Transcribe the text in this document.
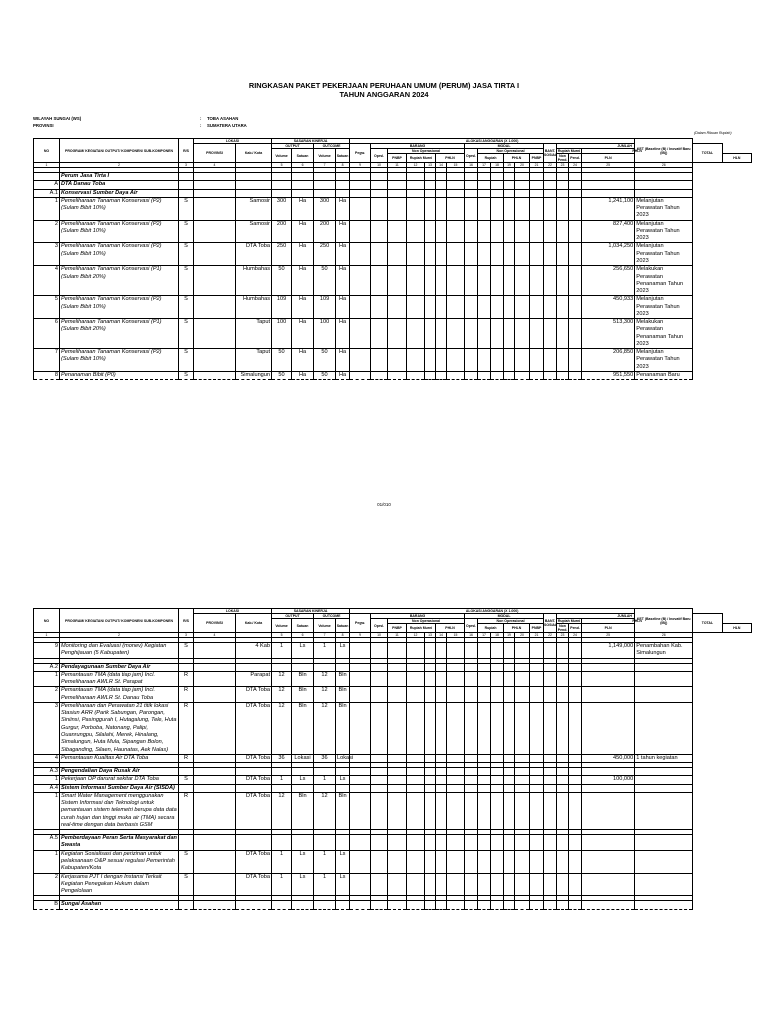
RINGKASAN PAKET PEKERJAAN PERUHAAN UMUM (PERUM) JASA TIRTA I
TAHUN ANGGARAN 2024
WILAYAH SUNGAI (WS)	: TOBA ASAHAN
PROVINSI	: SUMATERA UTARA
(Dalam Ribuan Rupiah)
01/010
NO	PROGRAM/ KEGIATAN/ OUTPUT/ KOMPONEN/ SUB-KOMPONEN	R/S	LOKASI		SASARAN KINERJA				ALOKASI ANGGARAN (X 1.000)																	KET (Baseline (B) / Inovatif Baru (IB))		
			PROVINSI	Kab./ Kota	OUTPUT		OUTCOME		Pegw.	BARANG						MODAL						BANT. SOSIAL	JUMLAH				TOTAL	
					Volume	Satuan	Volume	Satuan		Oprsl.	Non Operasional					Oprsl.	Non Operasional						Rupiah Murni		PHLN			
											PNBP	Rupiah Murni		PHLN			Rupiah		PHLN		PNBP		Non Pend.	Pend.	PLN			HLN
1	2	3	4		5	6	7	8	9	10	11	12	13	14	15	16	17	18	19	20	21	22	23	24	25	26		

	Perum Jasa Tirta I																											
A	DTA Danau Toba																											
A.1	Konservasi Sumber Daya Air																											
1	Pemeliharaan Tanaman Konservasi (P2) (Sulam Bibit 10%)	S		Samosir	300	Ha	300	Ha																	1,241,100	Melanjutan Perawatan Tahun 2023		
2	Pemeliharaan Tanaman Konservasi (P2) (Sulam Bibit 10%)	S		Samosir	200	Ha	200	Ha																	827,400	Melanjutan Perawatan Tahun 2023		
3	Pemeliharaan Tanaman Konservasi (P2) (Sulam Bibit 10%)	S		DTA Toba	250	Ha	250	Ha																	1,034,250	Melanjutan Perawatan Tahun 2023		
4	Pemeliharaan Tanaman Konservasi (P1) (Sulam Bibit 20%)	S		Humbahas	50	Ha	50	Ha																	256,650	Melakukan Perawatan Penanaman Tahun 2023		
5	Pemeliharaan Tanaman Konservasi (P2) (Sulam Bibit 10%)	S		Humbahas	109	Ha	109	Ha																	450,933	Melanjutan Perawatan Tahun 2023		
6	Pemeliharaan Tanaman Konservasi (P1) (Sulam Bibit 20%)	S		Taput	100	Ha	100	Ha																	513,300	Melakukan Perawatan Penanaman Tahun 2023		
7	Pemeliharaan Tanaman Konservasi (P2) (Sulam Bibit 10%)	S		Taput	50	Ha	50	Ha																	206,850	Melanjutan Perawatan Tahun 2023		
8	Penanaman Bibit (P0)	S		Simalungun	50	Ha	50	Ha																	951,550	Penanaman Baru		
NO	PROGRAM/ KEGIATAN/ OUTPUT/ KOMPONEN/ SUB-KOMPONEN	R/S	LOKASI		SASARAN KINERJA				ALOKASI ANGGARAN (X 1.000)																	KET (Baseline (B) / Inovatif Baru (IB))		
			PROVINSI	Kab./ Kota	OUTPUT		OUTCOME		Pegw.	BARANG						MODAL						BANT. SOSIAL	JUMLAH				TOTAL	
					Volume	Satuan	Volume	Satuan		Oprsl.	Non Operasional					Oprsl.	Non Operasional						Rupiah Murni		PHLN			
											PNBP	Rupiah Murni		PHLN			Rupiah		PHLN		PNBP		Non Pend.	Pend.	PLN			HLN
1	2	3	4		5	6	7	8	9	10	11	12	13	14	15	16	17	18	19	20	21	22	23	24	25	26		

9	Monitoring dan Evaluasi (monev) Kegiatan Penghijauan (5 Kabupaten)	S		4 Kab	1	Ls	1	Ls																	1,149,000	Penambahan Kab. Simalungun		

A.2	Pendayagunaan Sumber Daya Air																											
1	Pemantauan TMA (data tiap jam) Incl. Pemeliharaan AWLR St. Parapat	R		Parapat	12	Bln	12	Bln																				
2	Pemantauan TMA (data tiap jam) Incl. Pemeliharaan AWLR St. Danau Toba	R		DTA Toba	12	Bln	12	Bln																				
3	Pemeliharaan dan Perawatan 21 titik lokasi Stasiun ARR (Parik Sabungan, Parongan, Siniinsi, Pasinggurah I, Hutagalung, Tele, Huta Gurgur, Porboba, Natonang, Palipi, Ouanrungpu, Silalahi, Merek, Hinalang, Simalungun, Huta Mula, Sipangan Bolon, Sibaganding, Silaen, Haunatas, Aek Nalas)	R		DTA Toba	12	Bln	12	Bln																				
4	Pemantauan Kualitas Air DTA Toba	R		DTA Toba	36	Lokasi	36	Lokasi																	450,000	1 tahun kegiatan		

A.3	Pengendalian Daya Rusak Air																											
1	Pekerjaan OP darurat sekitar DTA Toba	S		DTA Toba	1	Ls	1	Ls																	100,000			
A.4	Sistem Informasi Sumber Daya Air (SISDA)																											
1	Smart Water Management menggunakan Sistem Informasi dan Teknologi untuk pemantauan sistem telemetri berupa data data curah hujan dan tinggi muka air (TMA) secara real-time dengan data berbasis GSM	R		DTA Toba	12	Bln	12	Bln																				

A.5	Pemberdayaan Peran Serta Masyarakat dan Swasta																											
1	Kegiatan Sosialisasi dan perizinan untuk pelaksanaan O&P sesuai regulasi Pemerintah Kabupaten/Kota	S		DTA Toba	1	Ls	1	Ls																				
2	Kerjasama PJT I dengan Instansi Terkait Kegiatan Penegakan Hukum dalam Pengelolaan	S		DTA Toba	1	Ls	1	Ls																				

B	Sungai Asahan																											
